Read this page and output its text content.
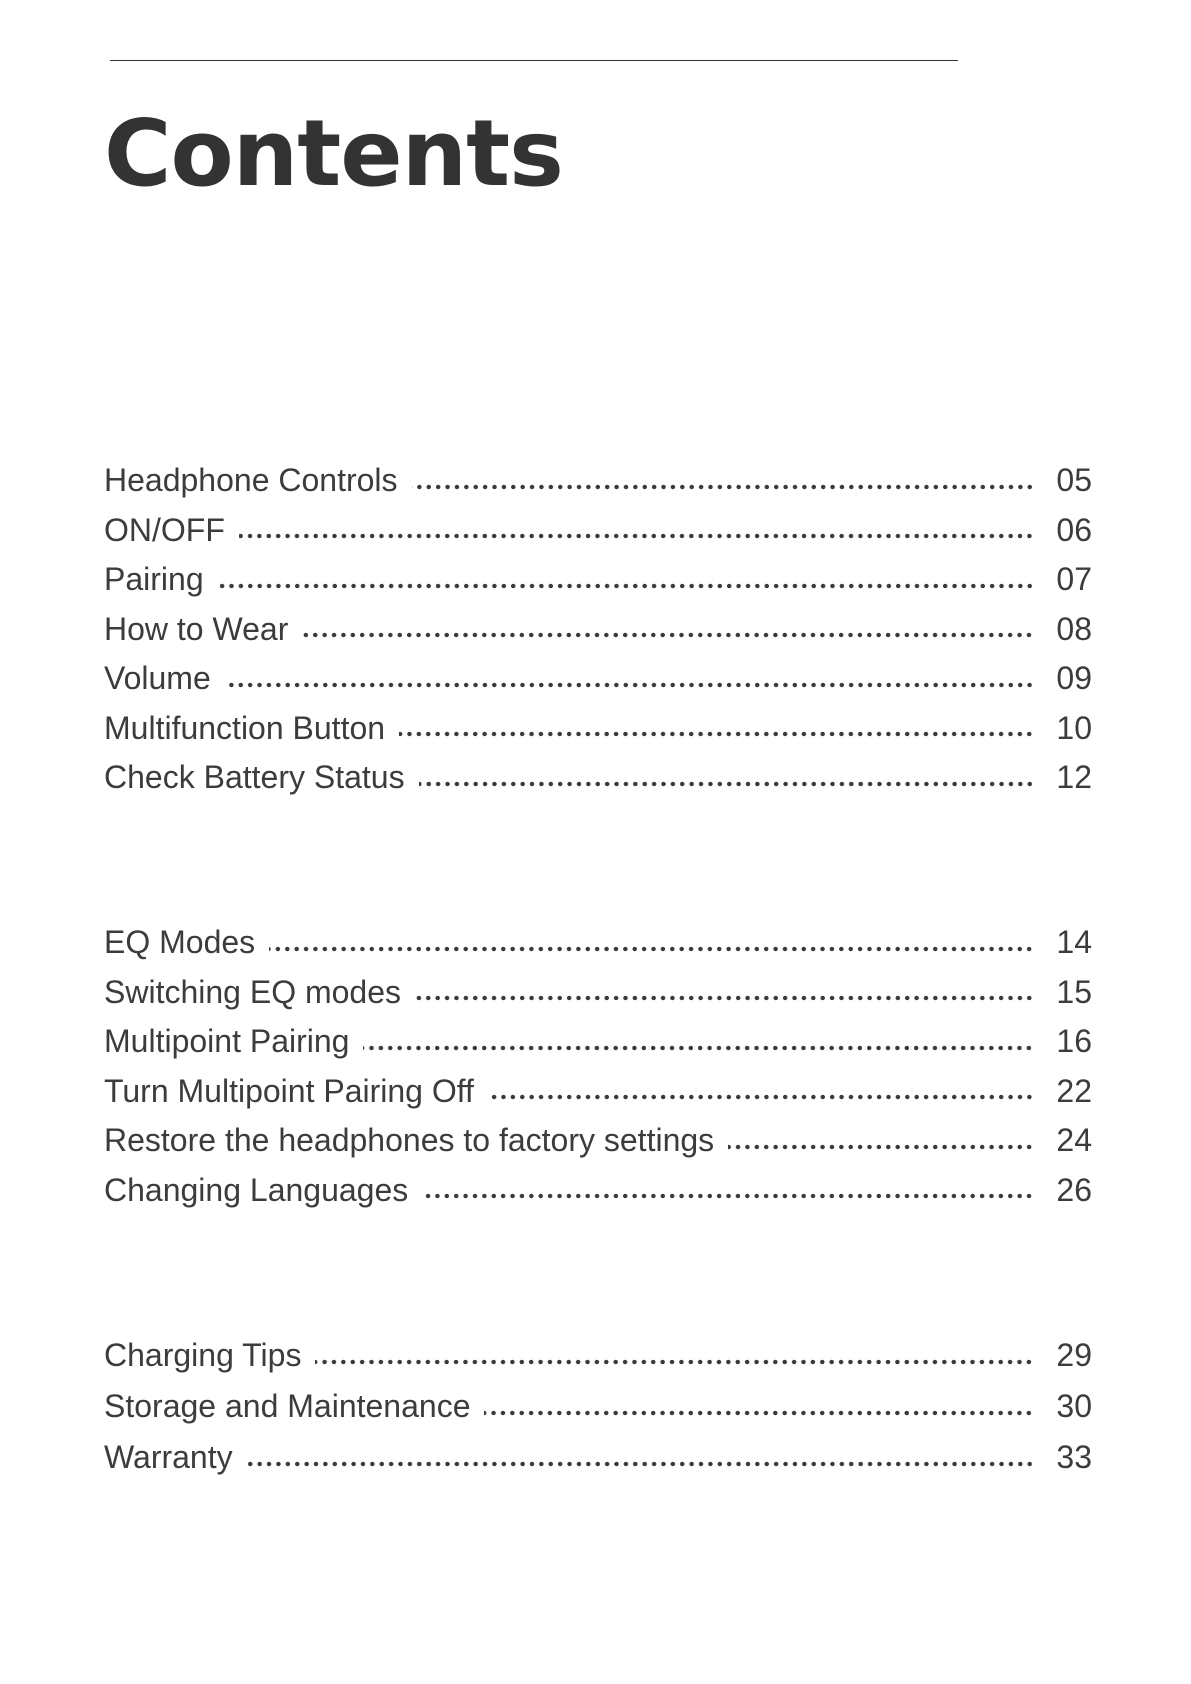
Contents
Headphone Controls	05
ON/OFF	06
Pairing	07
How to Wear	08
Volume	09
Multifunction Button	10
Check Battery Status	12
EQ Modes	14
Switching EQ modes	15
Multipoint Pairing	16
Turn Multipoint Pairing Off	22
Restore the headphones to factory settings	24
Changing Languages	26
Charging Tips	29
Storage and Maintenance	30
Warranty	33
